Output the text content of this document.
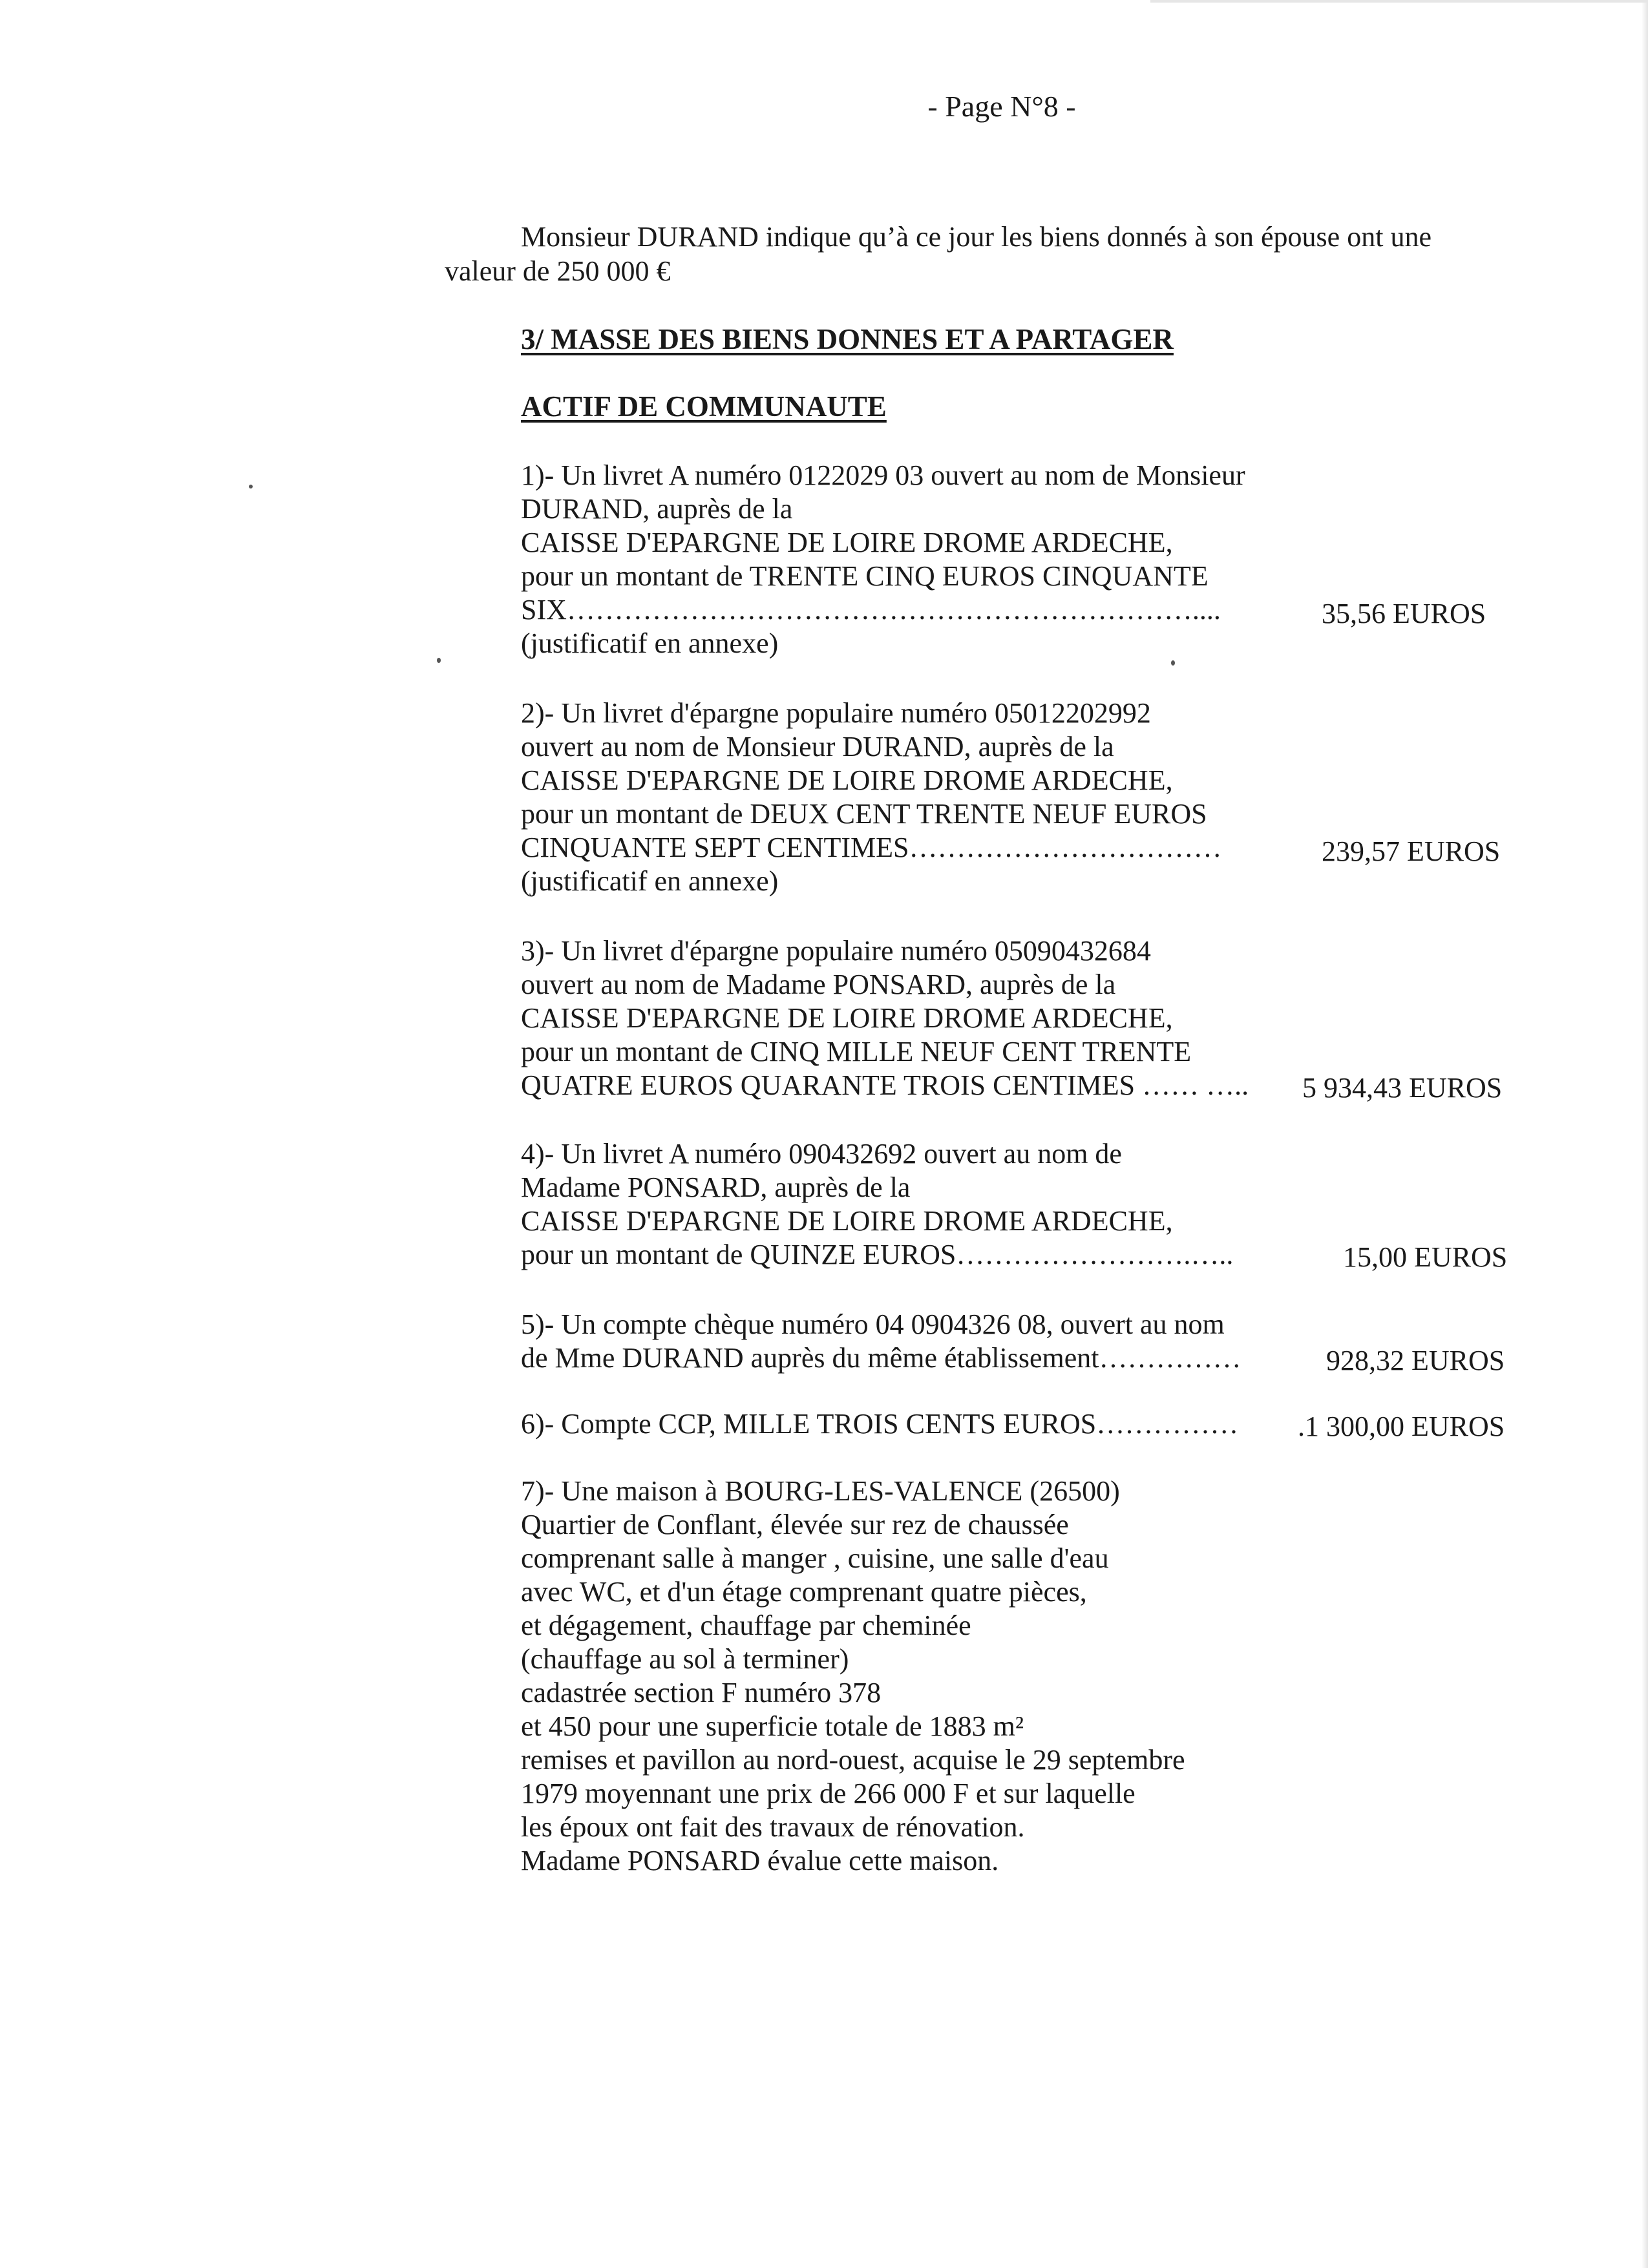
- Page N°8 -
Monsieur DURAND indique qu’à ce jour les biens donnés à son épouse ont une
valeur de 250 000 €
3/ MASSE DES BIENS DONNES ET A PARTAGER
ACTIF DE COMMUNAUTE
1)- Un livret A numéro 0122029 03 ouvert au nom de Monsieur
DURAND, auprès de la
CAISSE D'EPARGNE DE LOIRE DROME ARDECHE,
pour un montant de TRENTE CINQ EUROS CINQUANTE
SIX…………………………………………………………....
(justificatif en annexe)
35,56 EUROS
2)- Un livret d'épargne populaire numéro 05012202992
ouvert au nom de Monsieur DURAND, auprès de la
CAISSE D'EPARGNE DE LOIRE DROME ARDECHE,
pour un montant de DEUX CENT TRENTE NEUF EUROS
CINQUANTE SEPT CENTIMES……………………………
(justificatif en annexe)
239,57 EUROS
3)- Un livret d'épargne populaire numéro 05090432684
ouvert au nom de Madame PONSARD, auprès de la
CAISSE D'EPARGNE DE LOIRE DROME ARDECHE,
pour un montant de CINQ MILLE NEUF CENT TRENTE
QUATRE EUROS QUARANTE TROIS CENTIMES …… ….. 5 934,43 EUROS
4)- Un livret A numéro 090432692 ouvert au nom de
Madame PONSARD, auprès de la
CAISSE D'EPARGNE DE LOIRE DROME ARDECHE,
pour un montant de QUINZE EUROS…………………….…..	15,00 EUROS
5)- Un compte chèque numéro 04 0904326 08, ouvert au nom
de Mme DURAND auprès du même établissement……………	928,32 EUROS
6)- Compte CCP, MILLE TROIS CENTS EUROS…………… .1 300,00 EUROS
7)- Une maison à BOURG-LES-VALENCE (26500)
Quartier de Conflant, élevée sur rez de chaussée
comprenant salle à manger , cuisine, une salle d'eau
avec WC, et d'un étage comprenant quatre pièces,
et dégagement, chauffage par cheminée
(chauffage au sol à terminer)
cadastrée section F numéro 378
et 450 pour une superficie totale de 1883 m²
remises et pavillon au nord-ouest, acquise le 29 septembre
1979 moyennant une prix de 266 000 F et sur laquelle
les époux ont fait des travaux de rénovation.
Madame PONSARD évalue cette maison.
